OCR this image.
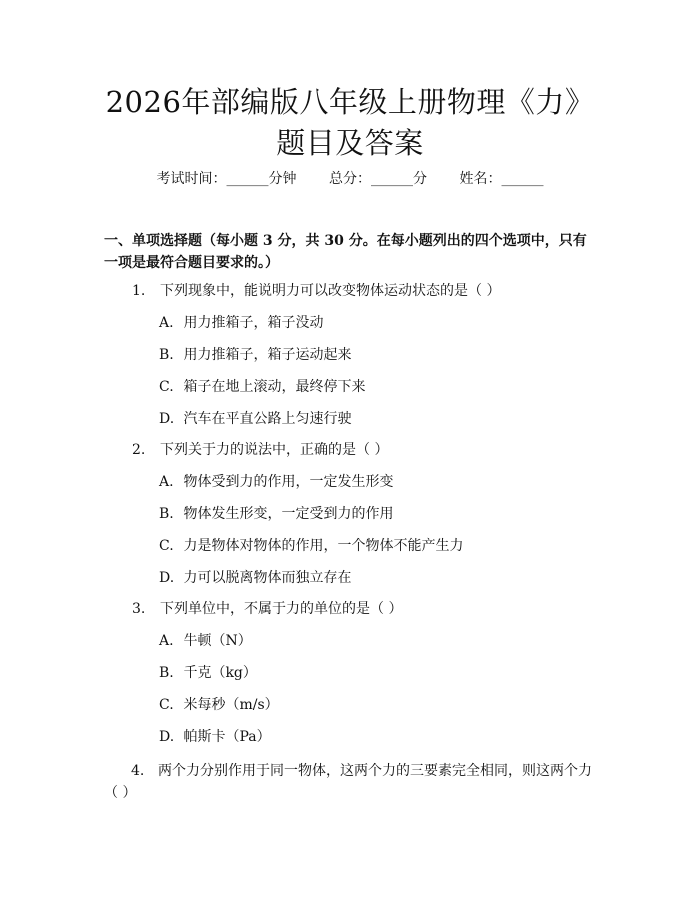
2026年部编版八年级上册物理《力》题目及答案
考试时间：______分钟 总分：______分 姓名：______

一、单项选择题（每小题 3 分，共 30 分。在每小题列出的四个选项中，只有一项是最符合题目要求的。）

1. 下列现象中，能说明力可以改变物体运动状态的是（ ）
A. 用力推箱子，箱子没动
B. 用力推箱子，箱子运动起来
C. 箱子在地上滚动，最终停下来
D. 汽车在平直公路上匀速行驶
2. 下列关于力的说法中，正确的是（ ）
A. 物体受到力的作用，一定发生形变
B. 物体发生形变，一定受到力的作用
C. 力是物体对物体的作用，一个物体不能产生力
D. 力可以脱离物体而独立存在
3. 下列单位中，不属于力的单位的是（ ）
A. 牛顿（N）
B. 千克（kg）
C. 米每秒（m/s）
D. 帕斯卡（Pa）
4. 两个力分别作用于同一物体，这两个力的三要素完全相同，则这两个力（ ）
